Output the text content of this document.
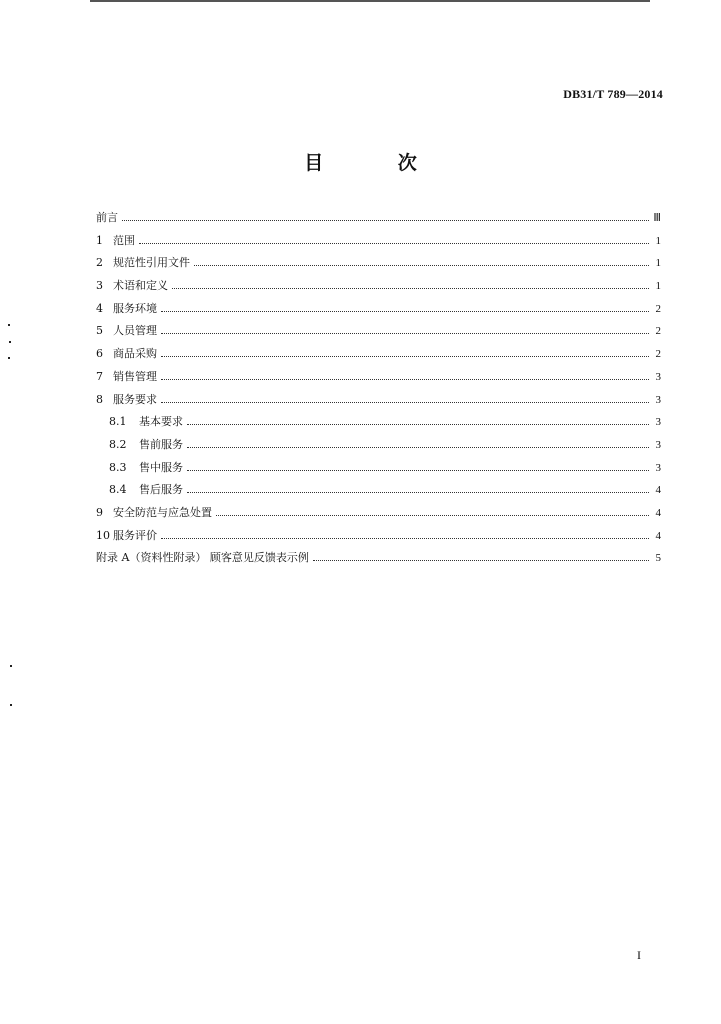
DB31/T 789—2014
目 次
前言	Ⅲ
1 范围	1
2 规范性引用文件	1
3 术语和定义	1
4 服务环境	2
5 人员管理	2
6 商品采购	2
7 销售管理	3
8 服务要求	3
8.1	基本要求	3
8.2	售前服务	3
8.3	售中服务	3
8.4	售后服务	4
9 安全防范与应急处置	4
10 服务评价	4
附录 A（资料性附录） 顾客意见反馈表示例	5
I
